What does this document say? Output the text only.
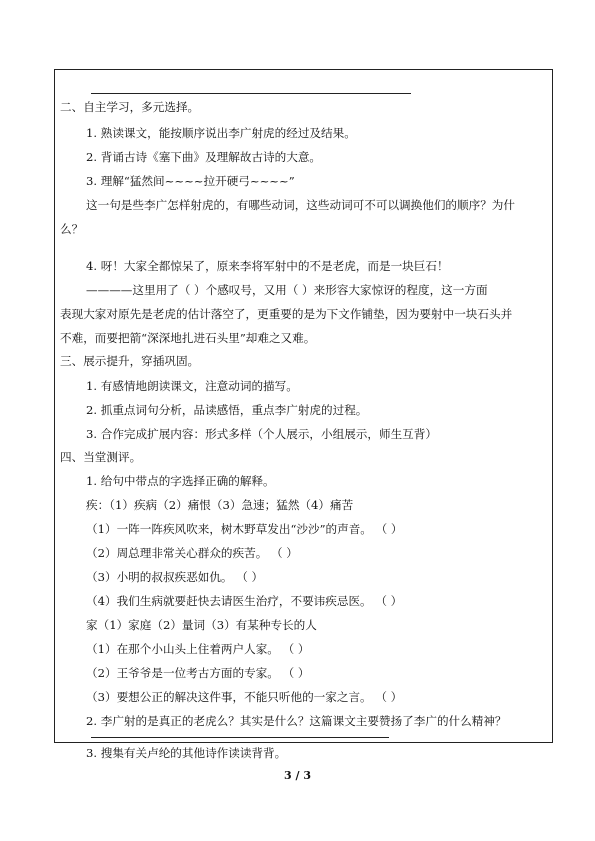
二、自主学习，多元选择。
1. 熟读课文，能按顺序说出李广射虎的经过及结果。
2. 背诵古诗《塞下曲》及理解故古诗的大意。
3. 理解“猛然间~~~~拉开硬弓~~~~”
这一句是些李广怎样射虎的，有哪些动词，这些动词可不可以调换他们的顺序？为什
么？
4. 呀！大家全都惊呆了，原来李将军射中的不是老虎，而是一块巨石！
————这里用了（ ）个感叹号，又用（ ）来形容大家惊讶的程度，这一方面
表现大家对原先是老虎的估计落空了，更重要的是为下文作铺垫，因为要射中一块石头并
不难，而要把箭“深深地扎进石头里”却难之又难。
三、展示提升，穿插巩固。
1. 有感情地朗读课文，注意动词的描写。
2. 抓重点词句分析，品读感悟，重点李广射虎的过程。
3. 合作完成扩展内容：形式多样（个人展示，小组展示，师生互背）
四、当堂测评。
1. 给句中带点的字选择正确的解释。
疾：（1）疾病（2）痛恨（3）急速；猛然（4）痛苦
（1）一阵一阵疾风吹来，树木野草发出“沙沙”的声音。 （ ）
（2）周总理非常关心群众的疾苦。 （ ）
（3）小明的叔叔疾恶如仇。 （ ）
（4）我们生病就要赶快去请医生治疗，不要讳疾忌医。 （ ）
家（1）家庭（2）量词（3）有某种专长的人
（1）在那个小山头上住着两户人家。 （ ）
（2）王爷爷是一位考古方面的专家。 （ ）
（3）要想公正的解决这件事，不能只听他的一家之言。 （ ）
2. 李广射的是真正的老虎么？其实是什么？这篇课文主要赞扬了李广的什么精神？
3. 搜集有关卢纶的其他诗作读读背背。
3 / 3
